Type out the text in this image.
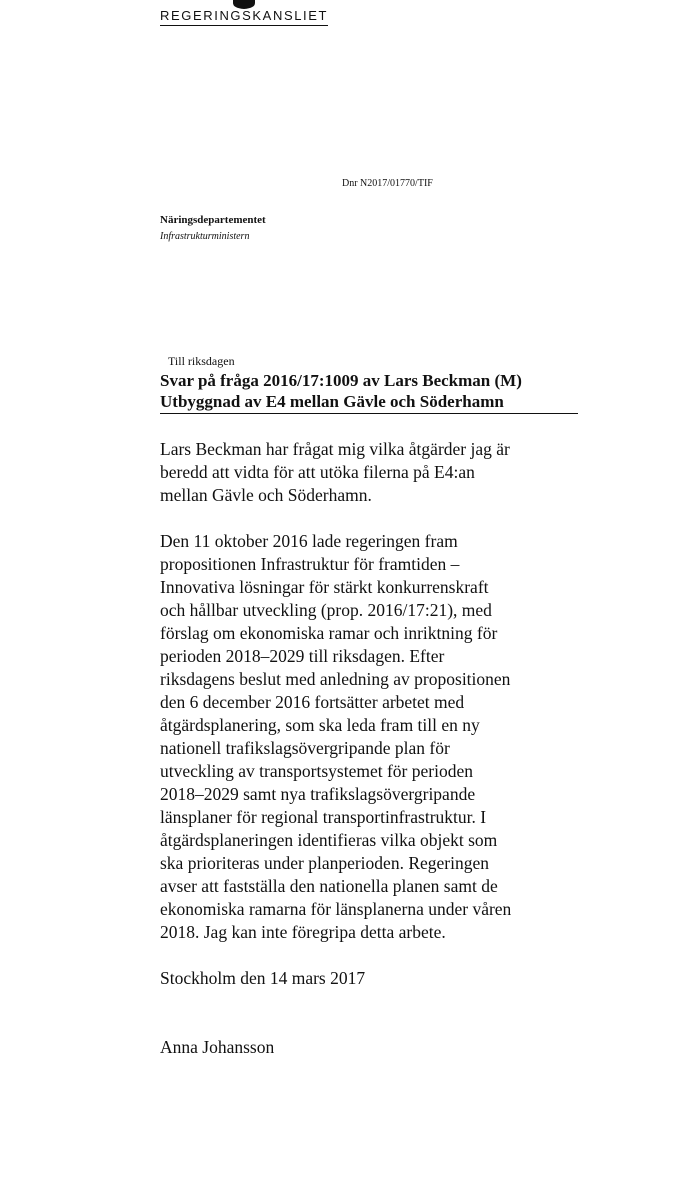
REGERINGSKANSLIET
Dnr N2017/01770/TIF
Näringsdepartementet
Infrastrukturministern
Till riksdagen
Svar på fråga 2016/17:1009 av Lars Beckman (M)
Utbyggnad av E4 mellan Gävle och Söderhamn

Lars Beckman har frågat mig vilka åtgärder jag är
beredd att vidta för att utöka filerna på E4:an
mellan Gävle och Söderhamn.

Den 11 oktober 2016 lade regeringen fram
propositionen Infrastruktur för framtiden –
Innovativa lösningar för stärkt konkurrenskraft
och hållbar utveckling (prop. 2016/17:21), med
förslag om ekonomiska ramar och inriktning för
perioden 2018–2029 till riksdagen. Efter
riksdagens beslut med anledning av propositionen
den 6 december 2016 fortsätter arbetet med
åtgärdsplanering, som ska leda fram till en ny
nationell trafikslagsövergripande plan för
utveckling av transportsystemet för perioden
2018–2029 samt nya trafikslagsövergripande
länsplaner för regional transportinfrastruktur. I
åtgärdsplaneringen identifieras vilka objekt som
ska prioriteras under planperioden. Regeringen
avser att fastställa den nationella planen samt de
ekonomiska ramarna för länsplanerna under våren
2018. Jag kan inte föregripa detta arbete.

Stockholm den 14 mars 2017

Anna Johansson
